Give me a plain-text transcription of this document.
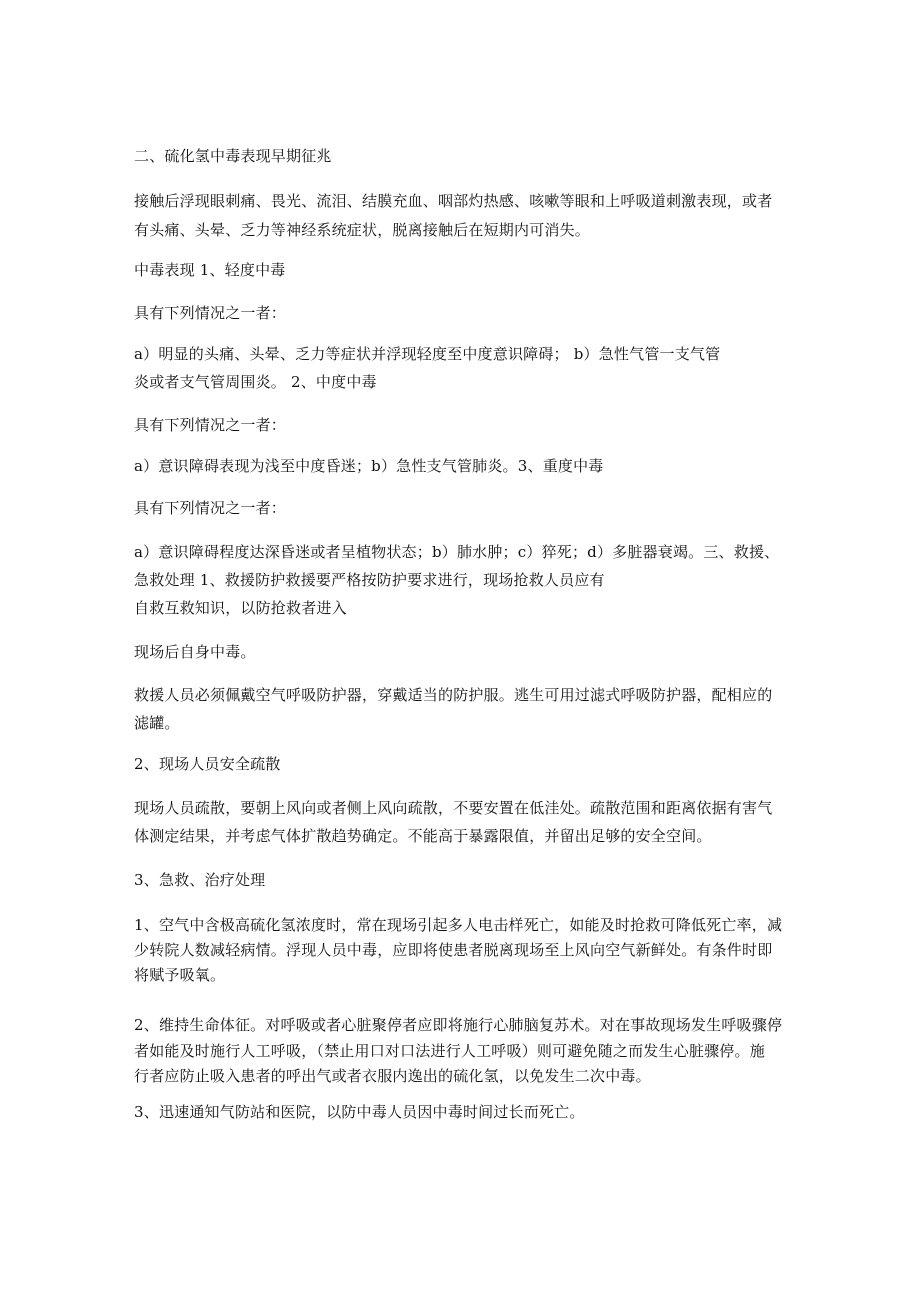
二、硫化氢中毒表现早期征兆
接触后浮现眼刺痛、畏光、流泪、结膜充血、咽部灼热感、咳嗽等眼和上呼吸道刺激表现，或者
有头痛、头晕、乏力等神经系统症状，脱离接触后在短期内可消失。
中毒表现 1、轻度中毒
具有下列情况之一者：
a）明显的头痛、头晕、乏力等症状并浮现轻度至中度意识障碍； b）急性气管一支气管
炎或者支气管周围炎。 2、中度中毒
具有下列情况之一者：
a）意识障碍表现为浅至中度昏迷；b）急性支气管肺炎。3、重度中毒
具有下列情况之一者：
a）意识障碍程度达深昏迷或者呈植物状态；b）肺水肿；c）猝死；d）多脏器衰竭。三、救援、
急救处理 1、救援防护救援要严格按防护要求进行，现场抢救人员应有
自救互救知识，以防抢救者进入
现场后自身中毒。
救援人员必须佩戴空气呼吸防护器，穿戴适当的防护服。逃生可用过滤式呼吸防护器，配相应的
滤罐。
2、现场人员安全疏散
现场人员疏散，要朝上风向或者侧上风向疏散，不要安置在低洼处。疏散范围和距离依据有害气
体测定结果，并考虑气体扩散趋势确定。不能高于暴露限值，并留出足够的安全空间。
3、急救、治疗处理
1、空气中含极高硫化氢浓度时，常在现场引起多人电击样死亡，如能及时抢救可降低死亡率，减
少转院人数减轻病情。浮现人员中毒，应即将使患者脱离现场至上风向空气新鲜处。有条件时即
将赋予吸氧。
2、维持生命体征。对呼吸或者心脏聚停者应即将施行心肺脑复苏术。对在事故现场发生呼吸骤停
者如能及时施行人工呼吸，（禁止用口对口法进行人工呼吸）则可避免随之而发生心脏骤停。施
行者应防止吸入患者的呼出气或者衣服内逸出的硫化氢，以免发生二次中毒。
3、迅速通知气防站和医院，以防中毒人员因中毒时间过长而死亡。
